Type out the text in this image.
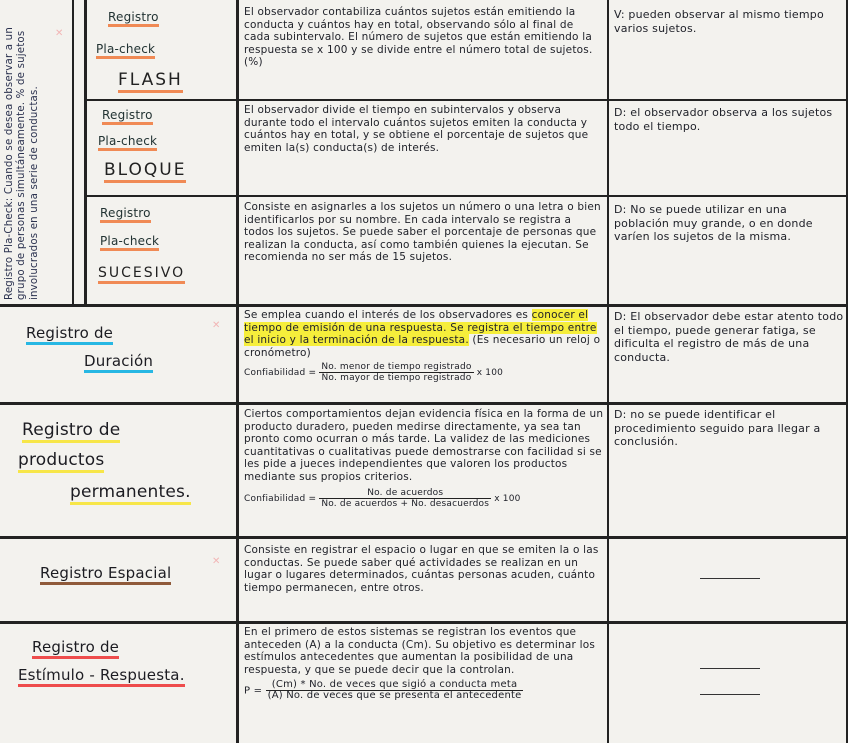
Registro Pla-Check: Cuando se desea observar a un grupo de personas simultáneamente. % de sujetos involucrados en una serie de conductas.
✕
Registro
Pla-check
FLASH
El observador contabiliza cuántos sujetos están emitiendo la conducta y cuántos hay en total, observando sólo al final de cada subintervalo. El número de sujetos que están emitiendo la respuesta se x 100 y se divide entre el número total de sujetos. (%)
V: pueden observar al mismo tiempo varios sujetos.
Registro
Pla-check
BLOQUE
El observador divide el tiempo en subintervalos y observa durante todo el intervalo cuántos sujetos emiten la conducta y cuántos hay en total, y se obtiene el porcentaje de sujetos que emiten la(s) conducta(s) de interés.
D: el observador observa a los sujetos todo el tiempo.
Registro
Pla-check
SUCESIVO
Consiste en asignarles a los sujetos un número o una letra o bien identificarlos por su nombre. En cada intervalo se registra a todos los sujetos. Se puede saber el porcentaje de personas que realizan la conducta, así como también quienes la ejecutan. Se recomienda no ser más de 15 sujetos.
D: No se puede utilizar en una población muy grande, o en donde varíen los sujetos de la misma.
Registro de
Duración
✕
Se emplea cuando el interés de los observadores es conocer el tiempo de emisión de una respuesta. Se registra el tiempo entre el inicio y la terminación de la respuesta. (Es necesario un reloj o cronómetro)
Confiabilidad = $\frac{\text{No. menor de tiempo registrado}}{\text{No. mayor de tiempo registrado}}$ x 100
D: El observador debe estar atento todo el tiempo, puede generar fatiga, se dificulta el registro de más de una conducta.
Registro de
productos
permanentes.
Ciertos comportamientos dejan evidencia física en la forma de un producto duradero, pueden medirse directamente, ya sea tan pronto como ocurran o más tarde. La validez de las mediciones cuantitativas o cualitativas puede demostrarse con facilidad si se les pide a jueces independientes que valoren los productos mediante sus propios criterios.
Confiabilidad = $\frac{\text{No. de acuerdos}}{\text{No. de acuerdos + No. desacuerdos}}$ x 100
D: no se puede identificar el procedimiento seguido para llegar a conclusión.
Registro Espacial
✕
Consiste en registrar el espacio o lugar en que se emiten la o las conductas. Se puede saber qué actividades se realizan en un lugar o lugares determinados, cuántas personas acuden, cuánto tiempo permanecen, entre otros.
Registro de
Estímulo - Respuesta.
En el primero de estos sistemas se registran los eventos que anteceden (A) a la conducta (Cm). Su objetivo es determinar los estímulos antecedentes que aumentan la posibilidad de una respuesta, y que se puede decir que la controlan.
$P = \frac{\text{(Cm) * No. de veces que sigió a conducta meta}}{\text{(A) No. de veces que se presenta el antecedente}}$
